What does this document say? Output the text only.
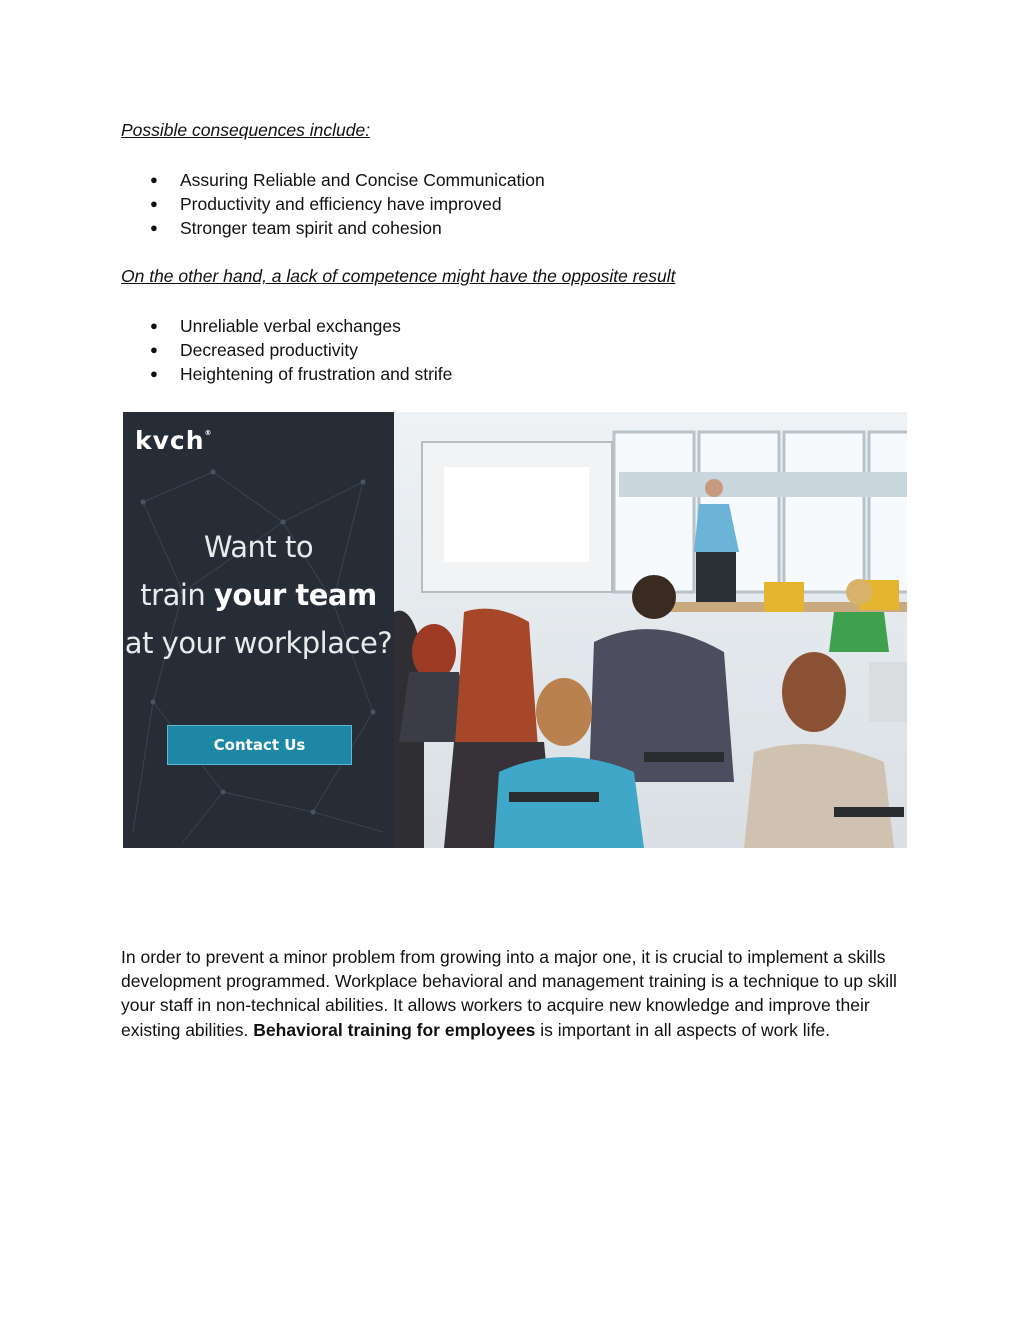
Possible consequences include:

● Assuring Reliable and Concise Communication
● Productivity and efficiency have improved
● Stronger team spirit and cohesion

On the other hand, a lack of competence might have the opposite result

● Unreliable verbal exchanges
● Decreased productivity
● Heightening of frustration and strife
kvch®
Want to
train your team
at your workplace?
Contact Us

In order to prevent a minor problem from growing into a major one, it is crucial to implement a skills development programmed. Workplace behavioral and management training is a technique to up skill your staff in non-technical abilities. It allows workers to acquire new knowledge and improve their existing abilities. Behavioral training for employees is important in all aspects of work life.
